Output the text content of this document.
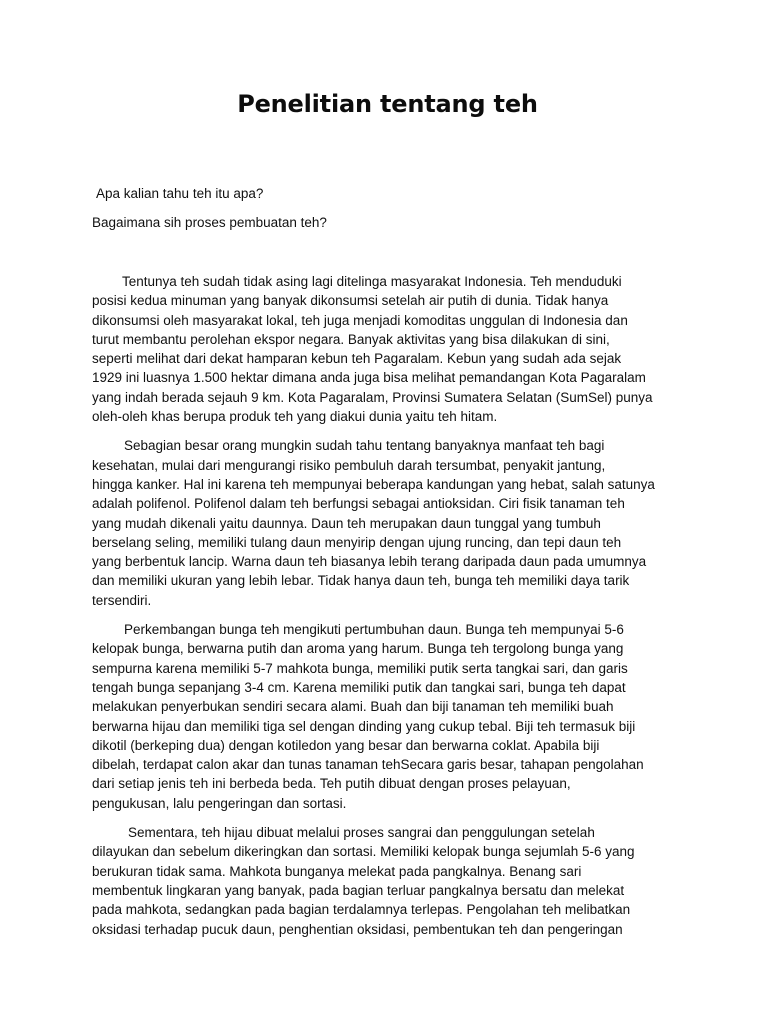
Penelitian tentang teh

Apa kalian tahu teh itu apa?

Bagaimana sih proses pembuatan teh?

Tentunya teh sudah tidak asing lagi ditelinga masyarakat Indonesia. Teh menduduki
posisi kedua minuman yang banyak dikonsumsi setelah air putih di dunia. Tidak hanya
dikonsumsi oleh masyarakat lokal, teh juga menjadi komoditas unggulan di Indonesia dan
turut membantu perolehan ekspor negara. Banyak aktivitas yang bisa dilakukan di sini,
seperti melihat dari dekat hamparan kebun teh Pagaralam. Kebun yang sudah ada sejak
1929 ini luasnya 1.500 hektar dimana anda juga bisa melihat pemandangan Kota Pagaralam
yang indah berada sejauh 9 km. Kota Pagaralam, Provinsi Sumatera Selatan (SumSel) punya
oleh-oleh khas berupa produk teh yang diakui dunia yaitu teh hitam.

Sebagian besar orang mungkin sudah tahu tentang banyaknya manfaat teh bagi
kesehatan, mulai dari mengurangi risiko pembuluh darah tersumbat, penyakit jantung,
hingga kanker. Hal ini karena teh mempunyai beberapa kandungan yang hebat, salah satunya
adalah polifenol. Polifenol dalam teh berfungsi sebagai antioksidan. Ciri fisik tanaman teh
yang mudah dikenali yaitu daunnya. Daun teh merupakan daun tunggal yang tumbuh
berselang seling, memiliki tulang daun menyirip dengan ujung runcing, dan tepi daun teh
yang berbentuk lancip. Warna daun teh biasanya lebih terang daripada daun pada umumnya
dan memiliki ukuran yang lebih lebar. Tidak hanya daun teh, bunga teh memiliki daya tarik
tersendiri.

Perkembangan bunga teh mengikuti pertumbuhan daun. Bunga teh mempunyai 5-6
kelopak bunga, berwarna putih dan aroma yang harum. Bunga teh tergolong bunga yang
sempurna karena memiliki 5-7 mahkota bunga, memiliki putik serta tangkai sari, dan garis
tengah bunga sepanjang 3-4 cm. Karena memiliki putik dan tangkai sari, bunga teh dapat
melakukan penyerbukan sendiri secara alami. Buah dan biji tanaman teh memiliki buah
berwarna hijau dan memiliki tiga sel dengan dinding yang cukup tebal. Biji teh termasuk biji
dikotil (berkeping dua) dengan kotiledon yang besar dan berwarna coklat. Apabila biji
dibelah, terdapat calon akar dan tunas tanaman tehSecara garis besar, tahapan pengolahan
dari setiap jenis teh ini berbeda beda. Teh putih dibuat dengan proses pelayuan,
pengukusan, lalu pengeringan dan sortasi.

Sementara, teh hijau dibuat melalui proses sangrai dan penggulungan setelah
dilayukan dan sebelum dikeringkan dan sortasi. Memiliki kelopak bunga sejumlah 5-6 yang
berukuran tidak sama. Mahkota bunganya melekat pada pangkalnya. Benang sari
membentuk lingkaran yang banyak, pada bagian terluar pangkalnya bersatu dan melekat
pada mahkota, sedangkan pada bagian terdalamnya terlepas. Pengolahan teh melibatkan
oksidasi terhadap pucuk daun, penghentian oksidasi, pembentukan teh dan pengeringan
